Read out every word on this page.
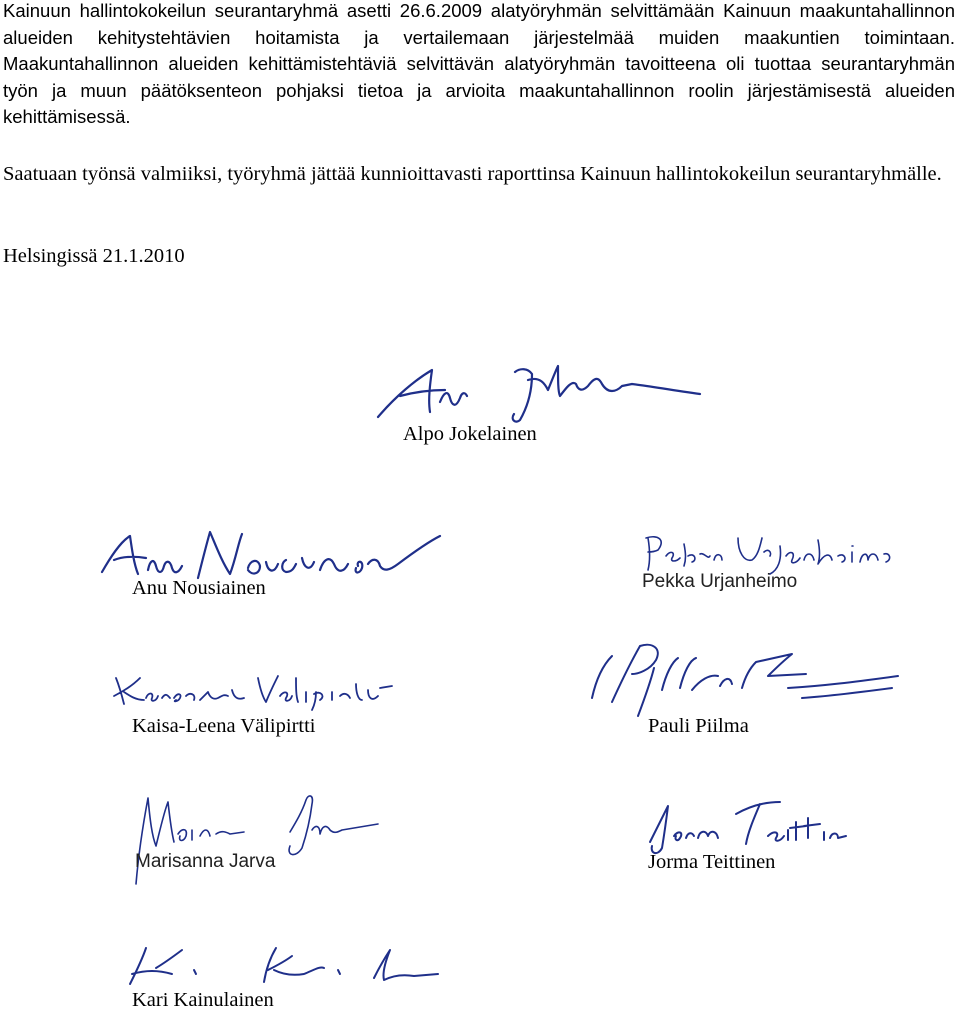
Kainuun hallintokokeilun seurantaryhmä asetti 26.6.2009 alatyöryhmän selvittämään Kainuun maakuntahallinnon alueiden kehitystehtävien hoitamista ja vertailemaan järjestelmää muiden maakuntien toimintaan. Maakuntahallinnon alueiden kehittämistehtäviä selvittävän alatyöryhmän tavoitteena oli tuottaa seurantaryhmän työn ja muun päätöksenteon pohjaksi tietoa ja arvioita maakuntahallinnon roolin järjestämisestä alueiden kehittämisessä.

Saatuaan työnsä valmiiksi, työryhmä jättää kunnioittavasti raporttinsa Kainuun hallintokokeilun seurantaryhmälle.

Helsingissä 21.1.2010
Alpo Jokelainen
Anu Nousiainen	Pekka Urjanheimo
Kaisa-Leena Välipirtti	Pauli Piilma
Marisanna Jarva	Jorma Teittinen
Kari Kainulainen
